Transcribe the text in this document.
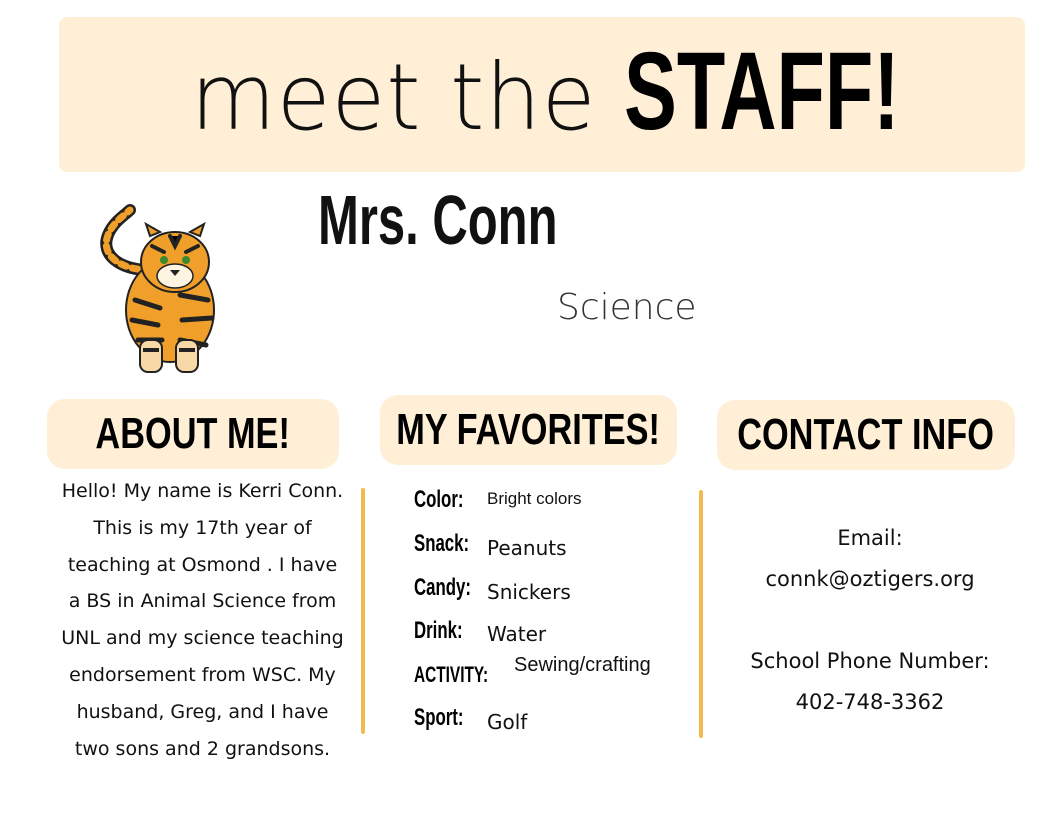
meet the STAFF!
Mrs. Conn
Science
ABOUT ME! MY FAVORITES! CONTACT INFO
Hello! My name is Kerri Conn. This is my 17th year of teaching at Osmond . I have a BS in Animal Science from UNL and my science teaching endorsement from WSC. My husband, Greg, and I have two sons and 2 grandsons.
Color: Bright colors
Snack: Peanuts
Candy: Snickers
Drink: Water
ACTIVITY: Sewing/crafting
Sport: Golf
Email:
connk@oztigers.org
School Phone Number:
402-748-3362
